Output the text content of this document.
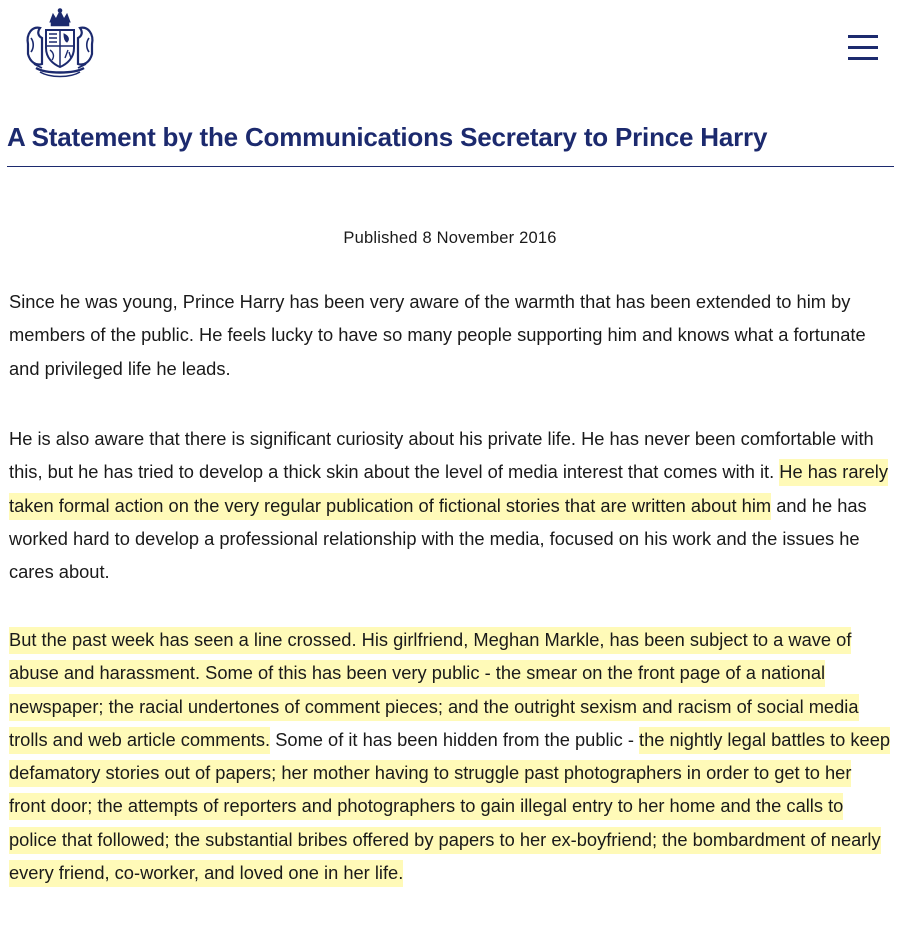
A Statement by the Communications Secretary to Prince Harry
Published 8 November 2016

Since he was young, Prince Harry has been very aware of the warmth that has been extended to him by members of the public. He feels lucky to have so many people supporting him and knows what a fortunate and privileged life he leads.

He is also aware that there is significant curiosity about his private life. He has never been comfortable with this, but he has tried to develop a thick skin about the level of media interest that comes with it. He has rarely taken formal action on the very regular publication of fictional stories that are written about him and he has worked hard to develop a professional relationship with the media, focused on his work and the issues he cares about.

But the past week has seen a line crossed. His girlfriend, Meghan Markle, has been subject to a wave of abuse and harassment. Some of this has been very public - the smear on the front page of a national newspaper; the racial undertones of comment pieces; and the outright sexism and racism of social media trolls and web article comments. Some of it has been hidden from the public - the nightly legal battles to keep defamatory stories out of papers; her mother having to struggle past photographers in order to get to her front door; the attempts of reporters and photographers to gain illegal entry to her home and the calls to police that followed; the substantial bribes offered by papers to her ex-boyfriend; the bombardment of nearly every friend, co-worker, and loved one in her life.
